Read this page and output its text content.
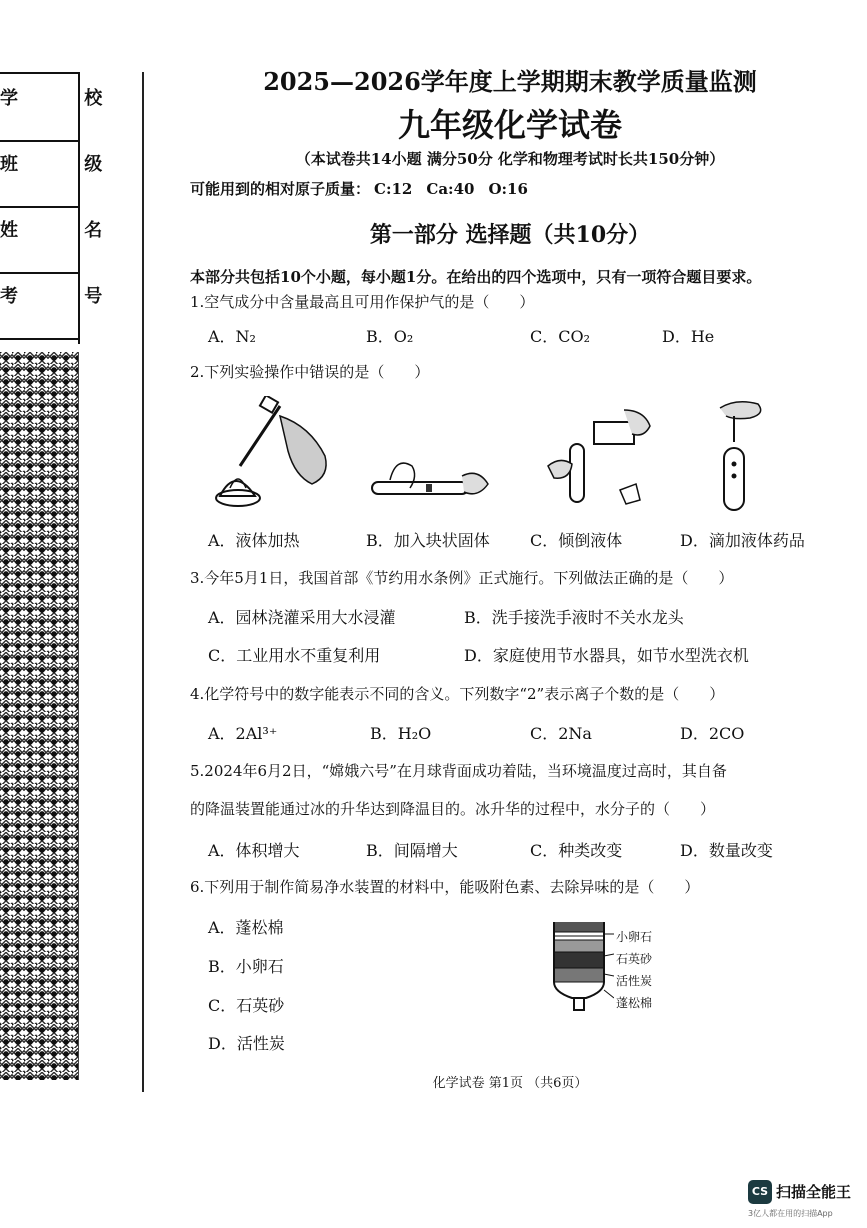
学 校
班 级
姓 名
考 号
2025—2026学年度上学期期末教学质量监测
九年级化学试卷
（本试卷共14小题 满分50分 化学和物理考试时长共150分钟）
可能用到的相对原子质量： C:12 Ca:40 O:16
第一部分 选择题（共10分）
本部分共包括10个小题，每小题1分。在给出的四个选项中，只有一项符合题目要求。
1.空气成分中含量最高且可用作保护气的是（　　）
A．N₂	B．O₂	C．CO₂	D．He
2.下列实验操作中错误的是（　　）
A．液体加热	B．加入块状固体	C．倾倒液体	D．滴加液体药品
3.今年5月1日，我国首部《节约用水条例》正式施行。下列做法正确的是（　　）
A．园林浇灌采用大水浸灌	B．洗手接洗手液时不关水龙头
C．工业用水不重复利用	D．家庭使用节水器具，如节水型洗衣机
4.化学符号中的数字能表示不同的含义。下列数字“2”表示离子个数的是（　　）
A．2Al³⁺	B．H₂O	C．2Na	D．2CO
5.2024年6月2日，“嫦娥六号”在月球背面成功着陆，当环境温度过高时，其自备
的降温装置能通过冰的升华达到降温目的。冰升华的过程中，水分子的（　　）
A．体积增大	B．间隔增大	C．种类改变	D．数量改变
6.下列用于制作简易净水装置的材料中，能吸附色素、去除异味的是（　　）
A．蓬松棉
B．小卵石
C．石英砂
D．活性炭
小卵石
石英砂
活性炭
蓬松棉
化学试卷 第1页 （共6页）
CS 扫描全能王
3亿人都在用的扫描App
